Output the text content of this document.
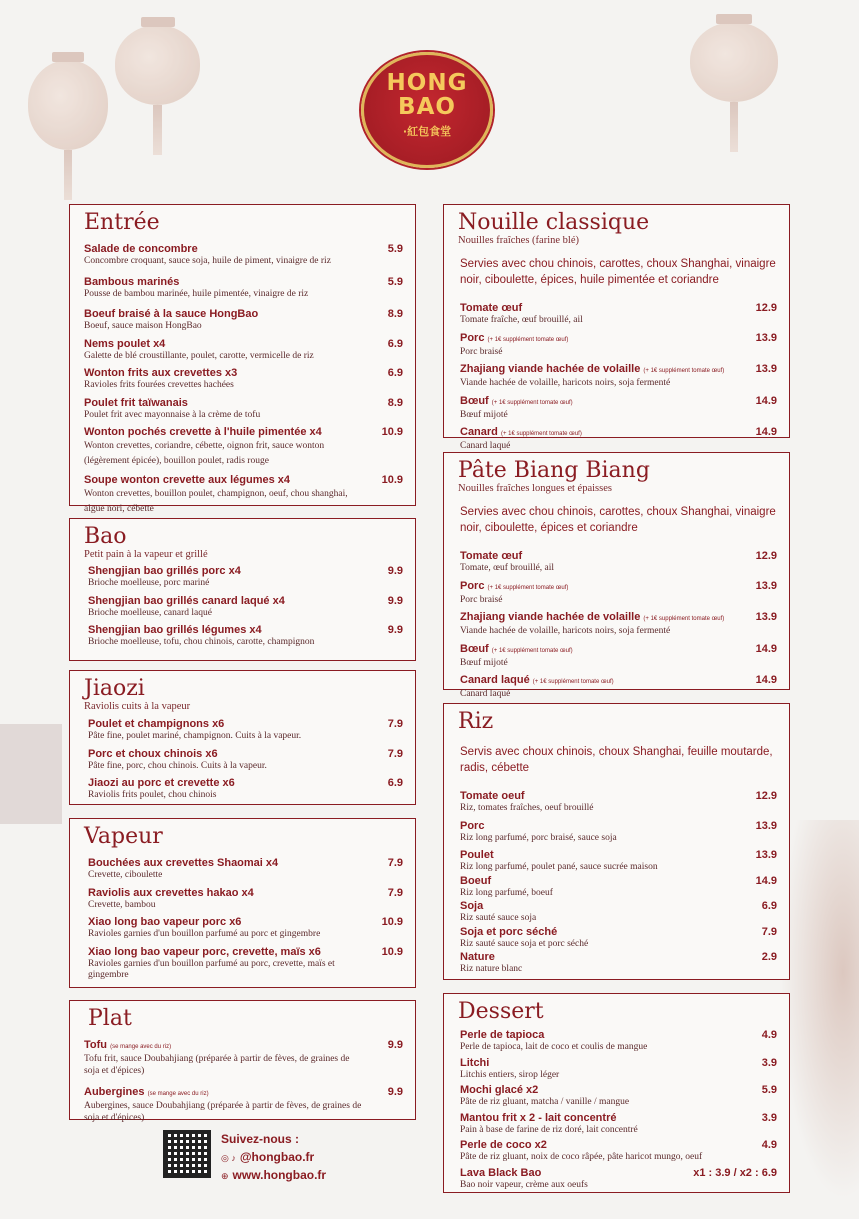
HONG
BAO
·紅包食堂
Entrée
Salade de concombre
Concombre croquant, sauce soja, huile de piment, vinaigre de riz
5.9
Bambous marinés
Pousse de bambou marinée, huile pimentée, vinaigre de riz
5.9
Boeuf braisé à la sauce HongBao
Boeuf, sauce maison HongBao
8.9
Nems poulet x4
Galette de blé croustillante, poulet, carotte, vermicelle de riz
6.9
Wonton frits aux crevettes x3
Ravioles frits fourées crevettes hachées
6.9
Poulet frit taïwanais
Poulet frit avec mayonnaise à la crème de tofu
8.9
Wonton pochés crevette à l'huile pimentée x4
Wonton crevettes, coriandre, cébette, oignon frit, sauce wonton (légèrement épicée), bouillon poulet, radis rouge
10.9
Soupe wonton crevette aux légumes x4
Wonton crevettes, bouillon poulet, champignon, oeuf, chou shanghai, algue nori, cébette
10.9
Bao
Petit pain à la vapeur et grillé
Shengjian bao grillés porc x4
Brioche moelleuse, porc mariné
9.9
Shengjian bao grillés canard laqué x4
Brioche moelleuse, canard laqué
9.9
Shengjian bao grillés légumes x4
Brioche moelleuse, tofu, chou chinois, carotte, champignon
9.9
Jiaozi
Raviolis cuits à la vapeur
Poulet et champignons x6
Pâte fine, poulet mariné, champignon. Cuits à la vapeur.
7.9
Porc et choux chinois x6
Pâte fine, porc, chou chinois. Cuits à la vapeur.
7.9
Jiaozi au porc et crevette x6
Raviolis frits poulet, chou chinois
6.9
Vapeur
Bouchées aux crevettes Shaomai x4
Crevette, ciboulette
7.9
Raviolis aux crevettes hakao x4
Crevette, bambou
7.9
Xiao long bao vapeur porc x6
Ravioles garnies d'un bouillon parfumé au porc et gingembre
10.9
Xiao long bao vapeur porc, crevette, maïs x6
Ravioles garnies d'un bouillon parfumé au porc, crevette, maïs et gingembre
10.9
Plat
Tofu (se mange avec du riz)
Tofu frit, sauce Doubahjiang (préparée à partir de fèves, de graines de soja et d'épices)
9.9
Aubergines (se mange avec du riz)
Aubergines, sauce Doubahjiang (préparée à partir de fèves, de graines de soja et d'épices)
9.9
Nouille classique
Nouilles fraîches (farine blé)
Servies avec chou chinois, carottes, choux Shanghai, vinaigre noir, ciboulette, épices, huile pimentée et coriandre
Tomate œuf
Tomate fraîche, œuf brouillé, ail
12.9
Porc (+ 1€ supplément tomate œuf)
Porc braisé
13.9
Zhajiang viande hachée de volaille (+ 1€ supplément tomate œuf)
Viande hachée de volaille, haricots noirs, soja fermenté
13.9
Bœuf (+ 1€ supplément tomate œuf)
Bœuf mijoté
14.9
Canard (+ 1€ supplément tomate œuf)
Canard laqué
14.9
Pâte Biang Biang
Nouilles fraîches longues et épaisses
Servies avec chou chinois, carottes, choux Shanghai, vinaigre noir, ciboulette, épices et coriandre
Tomate œuf
Tomate, œuf brouillé, ail
12.9
Porc (+ 1€ supplément tomate œuf)
Porc braisé
13.9
Zhajiang viande hachée de volaille (+ 1€ supplément tomate œuf)
Viande hachée de volaille, haricots noirs, soja fermenté
13.9
Bœuf (+ 1€ supplément tomate œuf)
Bœuf mijoté
14.9
Canard laqué (+ 1€ supplément tomate œuf)
Canard laqué
14.9
Riz
Servis avec choux chinois, choux Shanghai, feuille moutarde, radis, cébette
Tomate oeuf
Riz, tomates fraîches, oeuf brouillé
12.9
Porc
Riz long parfumé, porc braisé, sauce soja
13.9
Poulet
Riz long parfumé, poulet pané, sauce sucrée maison
13.9
Boeuf
Riz long parfumé, boeuf
14.9
Soja
Riz sauté sauce soja
6.9
Soja et porc séché
Riz sauté sauce soja et porc séché
7.9
Nature
Riz nature blanc
2.9
Dessert
Perle de tapioca
Perle de tapioca, lait de coco et coulis de mangue
4.9
Litchi
Litchis entiers, sirop léger
3.9
Mochi glacé x2
Pâte de riz gluant, matcha / vanille / mangue
5.9
Mantou frit x 2 - lait concentré
Pain à base de farine de riz doré, lait concentré
3.9
Perle de coco x2
Pâte de riz gluant, noix de coco râpée, pâte haricot mungo, oeuf
4.9
Lava Black Bao
Bao noir vapeur, crème aux oeufs
x1 : 3.9 / x2 : 6.9
Suivez-nous :
◎ ♪ @hongbao.fr
⊕ www.hongbao.fr
